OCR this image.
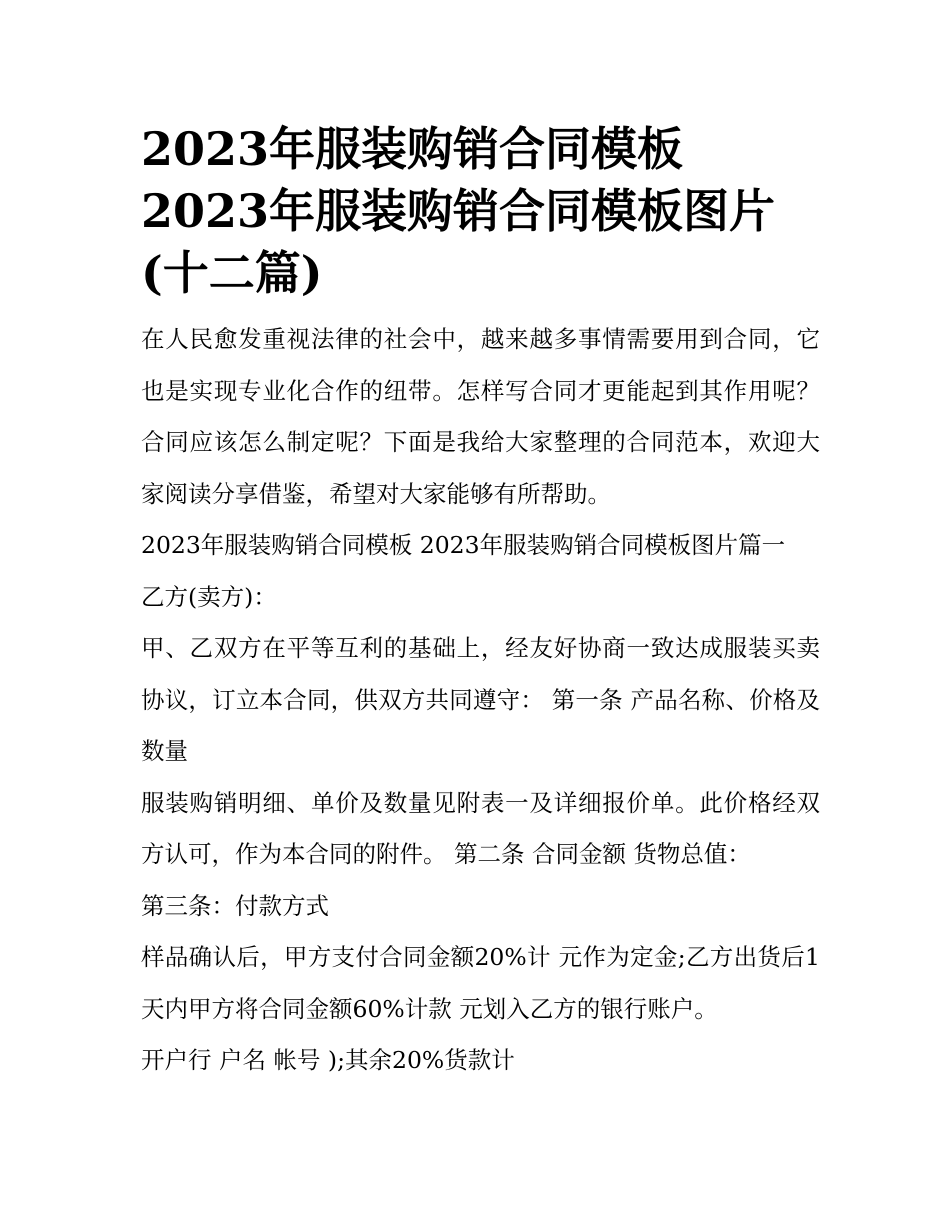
2023年服装购销合同模板
2023年服装购销合同模板图片
(十二篇)

在人民愈发重视法律的社会中，越来越多事情需要用到合同，它也是实现专业化合作的纽带。怎样写合同才更能起到其作用呢？合同应该怎么制定呢？下面是我给大家整理的合同范本，欢迎大家阅读分享借鉴，希望对大家能够有所帮助。

2023年服装购销合同模板 2023年服装购销合同模板图片篇一

乙方(卖方)：

甲、乙双方在平等互利的基础上，经友好协商一致达成服装买卖协议，订立本合同，供双方共同遵守： 第一条 产品名称、价格及数量

服装购销明细、单价及数量见附表一及详细报价单。此价格经双方认可，作为本合同的附件。 第二条 合同金额 货物总值：

第三条：付款方式

样品确认后，甲方支付合同金额20%计 元作为定金;乙方出货后1天内甲方将合同金额60%计款 元划入乙方的银行账户。

开户行 户名 帐号 );其余20%货款计
